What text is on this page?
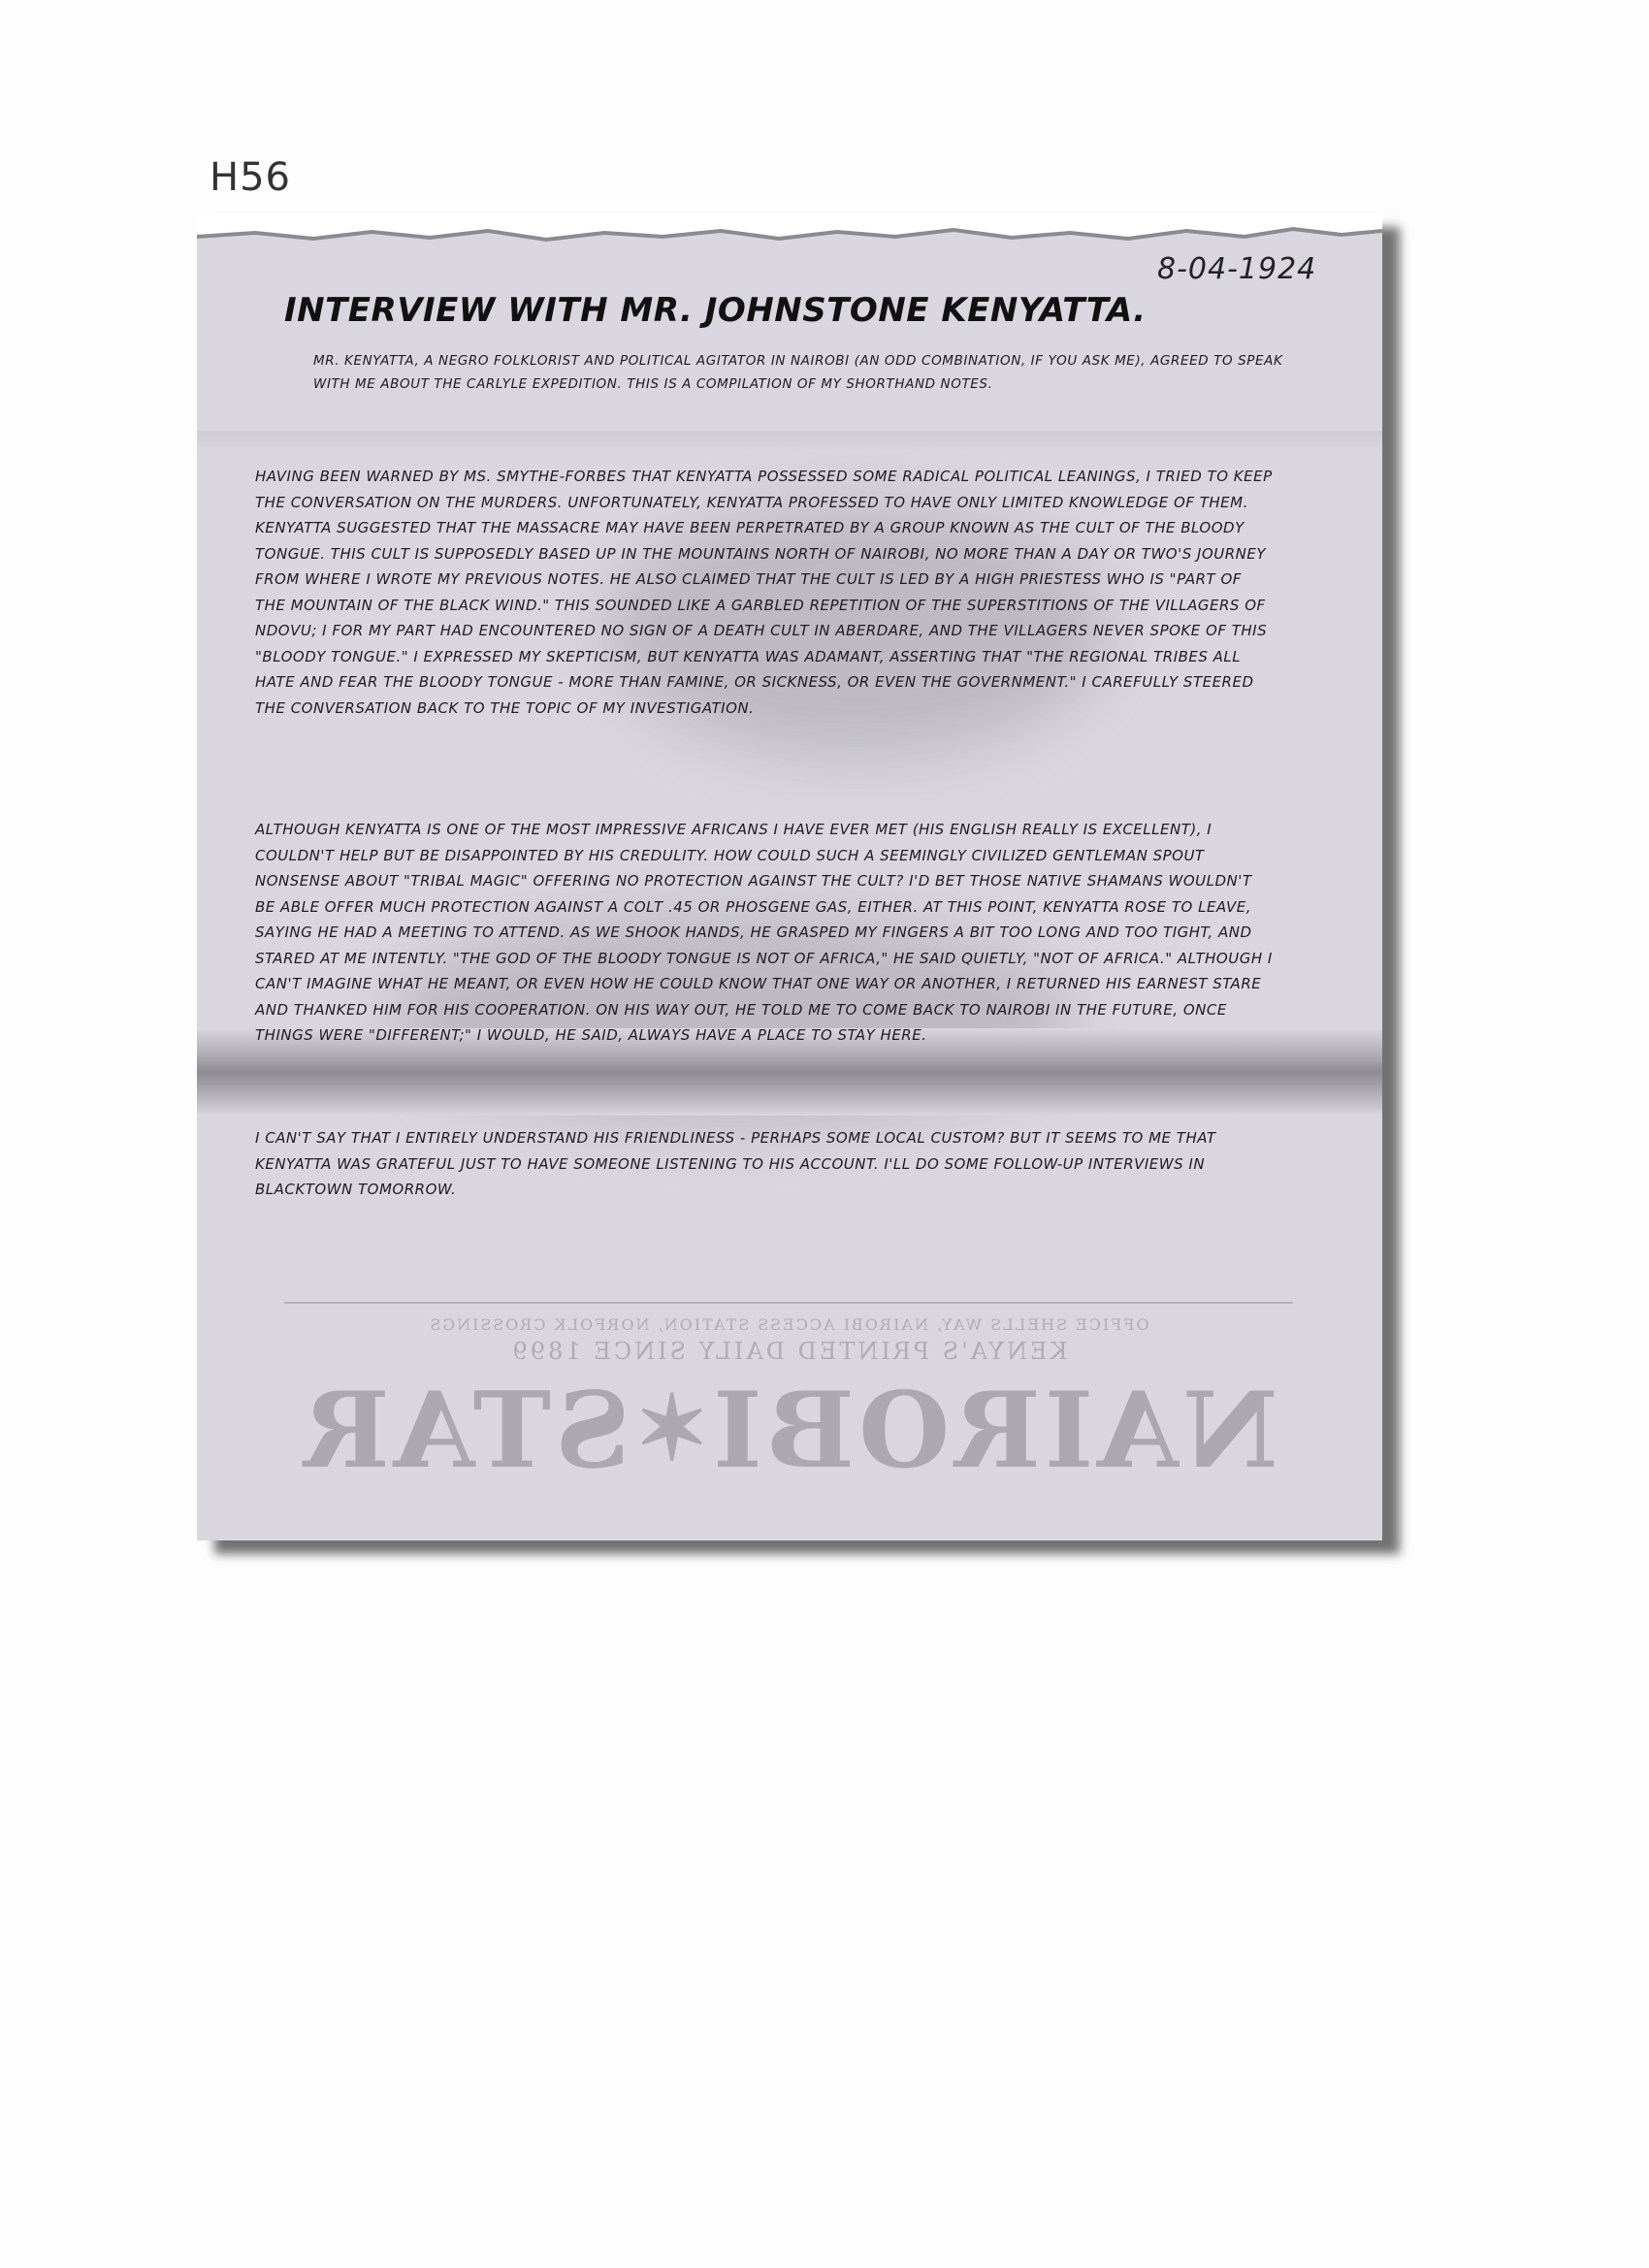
H56
8-04-1924
INTERVIEW WITH MR. JOHNSTONE KENYATTA.
MR. KENYATTA, A NEGRO FOLKLORIST AND POLITICAL AGITATOR IN NAIROBI (AN ODD COMBINATION, IF YOU ASK ME), AGREED TO SPEAK WITH ME ABOUT THE CARLYLE EXPEDITION. THIS IS A COMPILATION OF MY SHORTHAND NOTES.
HAVING BEEN WARNED BY MS. SMYTHE-FORBES THAT KENYATTA POSSESSED SOME RADICAL POLITICAL LEANINGS, I TRIED TO KEEP THE CONVERSATION ON THE MURDERS. UNFORTUNATELY, KENYATTA PROFESSED TO HAVE ONLY LIMITED KNOWLEDGE OF THEM. KENYATTA SUGGESTED THAT THE MASSACRE MAY HAVE BEEN PERPETRATED BY A GROUP KNOWN AS THE CULT OF THE BLOODY TONGUE. THIS CULT IS SUPPOSEDLY BASED UP IN THE MOUNTAINS NORTH OF NAIROBI, NO MORE THAN A DAY OR TWO'S JOURNEY FROM WHERE I WROTE MY PREVIOUS NOTES. HE ALSO CLAIMED THAT THE CULT IS LED BY A HIGH PRIESTESS WHO IS "PART OF THE MOUNTAIN OF THE BLACK WIND." THIS SOUNDED LIKE A GARBLED REPETITION OF THE SUPERSTITIONS OF THE VILLAGERS OF NDOVU; I FOR MY PART HAD ENCOUNTERED NO SIGN OF A DEATH CULT IN ABERDARE, AND THE VILLAGERS NEVER SPOKE OF THIS "BLOODY TONGUE." I EXPRESSED MY SKEPTICISM, BUT KENYATTA WAS ADAMANT, ASSERTING THAT "THE REGIONAL TRIBES ALL HATE AND FEAR THE BLOODY TONGUE - MORE THAN FAMINE, OR SICKNESS, OR EVEN THE GOVERNMENT." I CAREFULLY STEERED THE CONVERSATION BACK TO THE TOPIC OF MY INVESTIGATION.
ALTHOUGH KENYATTA IS ONE OF THE MOST IMPRESSIVE AFRICANS I HAVE EVER MET (HIS ENGLISH REALLY IS EXCELLENT), I COULDN'T HELP BUT BE DISAPPOINTED BY HIS CREDULITY. HOW COULD SUCH A SEEMINGLY CIVILIZED GENTLEMAN SPOUT NONSENSE ABOUT "TRIBAL MAGIC" OFFERING NO PROTECTION AGAINST THE CULT? I'D BET THOSE NATIVE SHAMANS WOULDN'T BE ABLE OFFER MUCH PROTECTION AGAINST A COLT .45 OR PHOSGENE GAS, EITHER. AT THIS POINT, KENYATTA ROSE TO LEAVE, SAYING HE HAD A MEETING TO ATTEND. AS WE SHOOK HANDS, HE GRASPED MY FINGERS A BIT TOO LONG AND TOO TIGHT, AND STARED AT ME INTENTLY. "THE GOD OF THE BLOODY TONGUE IS NOT OF AFRICA," HE SAID QUIETLY, "NOT OF AFRICA." ALTHOUGH I CAN'T IMAGINE WHAT HE MEANT, OR EVEN HOW HE COULD KNOW THAT ONE WAY OR ANOTHER, I RETURNED HIS EARNEST STARE AND THANKED HIM FOR HIS COOPERATION. ON HIS WAY OUT, HE TOLD ME TO COME BACK TO NAIROBI IN THE FUTURE, ONCE THINGS WERE "DIFFERENT;" I WOULD, HE SAID, ALWAYS HAVE A PLACE TO STAY HERE.
I CAN'T SAY THAT I ENTIRELY UNDERSTAND HIS FRIENDLINESS - PERHAPS SOME LOCAL CUSTOM? BUT IT SEEMS TO ME THAT KENYATTA WAS GRATEFUL JUST TO HAVE SOMEONE LISTENING TO HIS ACCOUNT. I'LL DO SOME FOLLOW-UP INTERVIEWS IN BLACKTOWN TOMORROW.
OFFICE SHELLS WAY, NAIROBI ACCESS STATION, NORFOLK CROSSINGS
KENYA'S PRINTED DAILY SINCE 1899
NAIROBI✶STAR
